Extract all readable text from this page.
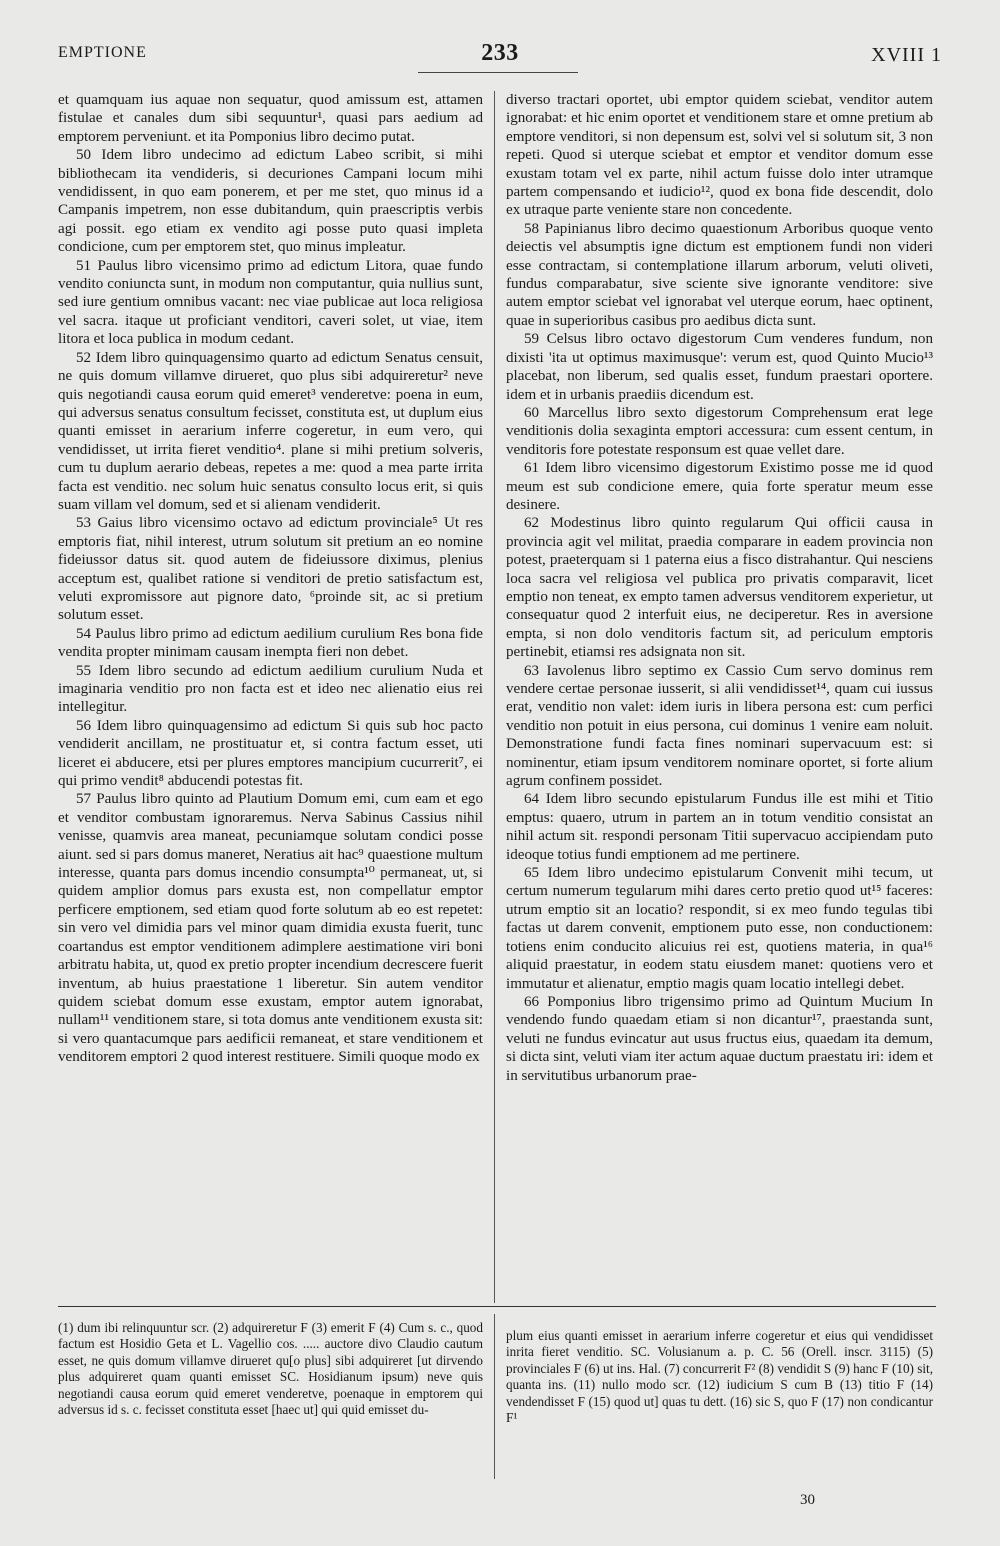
EMPTIONE	233	XVIII 1

et quamquam ius aquae non sequatur, quod amissum est, attamen fistulae et canales dum sibi sequuntur¹, quasi pars aedium ad emptorem perveniunt. et ita Pomponius libro decimo putat.

50 Idem libro undecimo ad edictum Labeo scribit, si mihi bibliothecam ita vendideris, si decuriones Campani locum mihi vendidissent, in quo eam ponerem, et per me stet, quo minus id a Campanis impetrem, non esse dubitandum, quin praescriptis verbis agi possit. ego etiam ex vendito agi posse puto quasi impleta condicione, cum per emptorem stet, quo minus impleatur.

51 Paulus libro vicensimo primo ad edictum Litora, quae fundo vendito coniuncta sunt, in modum non computantur, quia nullius sunt, sed iure gentium omnibus vacant: nec viae publicae aut loca religiosa vel sacra. itaque ut proficiant venditori, caveri solet, ut viae, item litora et loca publica in modum cedant.

52 Idem libro quinquagensimo quarto ad edictum Senatus censuit, ne quis domum villamve dirueret, quo plus sibi adquireretur² neve quis negotiandi causa eorum quid emeret³ venderetve: poena in eum, qui adversus senatus consultum fecisset, constituta est, ut duplum eius quanti emisset in aerarium inferre cogeretur, in eum vero, qui vendidisset, ut irrita fieret venditio⁴. plane si mihi pretium solveris, cum tu duplum aerario debeas, repetes a me: quod a mea parte irrita facta est venditio. nec solum huic senatus consulto locus erit, si quis suam villam vel domum, sed et si alienam vendiderit.

53 Gaius libro vicensimo octavo ad edictum provinciale⁵ Ut res emptoris fiat, nihil interest, utrum solutum sit pretium an eo nomine fideiussor datus sit. quod autem de fideiussore diximus, plenius acceptum est, qualibet ratione si venditori de pretio satisfactum est, veluti expromissore aut pignore dato, ⁶proinde sit, ac si pretium solutum esset.

54 Paulus libro primo ad edictum aedilium curulium Res bona fide vendita propter minimam causam inempta fieri non debet.

55 Idem libro secundo ad edictum aedilium curulium Nuda et imaginaria venditio pro non facta est et ideo nec alienatio eius rei intellegitur.

56 Idem libro quinquagensimo ad edictum Si quis sub hoc pacto vendiderit ancillam, ne prostituatur et, si contra factum esset, uti liceret ei abducere, etsi per plures emptores mancipium cucurrerit⁷, ei qui primo vendit⁸ abducendi potestas fit.

57 Paulus libro quinto ad Plautium Domum emi, cum eam et ego et venditor combustam ignoraremus. Nerva Sabinus Cassius nihil venisse, quamvis area maneat, pecuniamque solutam condici posse aiunt. sed si pars domus maneret, Neratius ait hac⁹ quaestione multum interesse, quanta pars domus incendio consumpta¹⁰ permaneat, ut, si quidem amplior domus pars exusta est, non compellatur emptor perficere emptionem, sed etiam quod forte solutum ab eo est repetet: sin vero vel dimidia pars vel minor quam dimidia exusta fuerit, tunc coartandus est emptor venditionem adimplere aestimatione viri boni arbitratu habita, ut, quod ex pretio propter incendium decrescere fuerit inventum, ab huius praestatione 1 liberetur. Sin autem venditor quidem sciebat domum esse exustam, emptor autem ignorabat, nullam¹¹ venditionem stare, si tota domus ante venditionem exusta sit: si vero quantacumque pars aedificii remaneat, et stare venditionem et venditorem emptori 2 quod interest restituere. Simili quoque modo ex

diverso tractari oportet, ubi emptor quidem sciebat, venditor autem ignorabat: et hic enim oportet et venditionem stare et omne pretium ab emptore venditori, si non depensum est, solvi vel si solutum sit, 3 non repeti. Quod si uterque sciebat et emptor et venditor domum esse exustam totam vel ex parte, nihil actum fuisse dolo inter utramque partem compensando et iudicio¹², quod ex bona fide descendit, dolo ex utraque parte veniente stare non concedente.

58 Papinianus libro decimo quaestionum Arboribus quoque vento deiectis vel absumptis igne dictum est emptionem fundi non videri esse contractam, si contemplatione illarum arborum, veluti oliveti, fundus comparabatur, sive sciente sive ignorante venditore: sive autem emptor sciebat vel ignorabat vel uterque eorum, haec optinent, quae in superioribus casibus pro aedibus dicta sunt.

59 Celsus libro octavo digestorum Cum venderes fundum, non dixisti 'ita ut optimus maximusque': verum est, quod Quinto Mucio¹³ placebat, non liberum, sed qualis esset, fundum praestari oportere. idem et in urbanis praediis dicendum est.

60 Marcellus libro sexto digestorum Comprehensum erat lege venditionis dolia sexaginta emptori accessura: cum essent centum, in venditoris fore potestate responsum est quae vellet dare.

61 Idem libro vicensimo digestorum Existimo posse me id quod meum est sub condicione emere, quia forte speratur meum esse desinere.

62 Modestinus libro quinto regularum Qui officii causa in provincia agit vel militat, praedia comparare in eadem provincia non potest, praeterquam si 1 paterna eius a fisco distrahantur. Qui nesciens loca sacra vel religiosa vel publica pro privatis comparavit, licet emptio non teneat, ex empto tamen adversus venditorem experietur, ut consequatur quod 2 interfuit eius, ne deciperetur. Res in aversione empta, si non dolo venditoris factum sit, ad periculum emptoris pertinebit, etiamsi res adsignata non sit.

63 Iavolenus libro septimo ex Cassio Cum servo dominus rem vendere certae personae iusserit, si alii vendidisset¹⁴, quam cui iussus erat, venditio non valet: idem iuris in libera persona est: cum perfici venditio non potuit in eius persona, cui dominus 1 venire eam noluit. Demonstratione fundi facta fines nominari supervacuum est: si nominentur, etiam ipsum venditorem nominare oportet, si forte alium agrum confinem possidet.

64 Idem libro secundo epistularum Fundus ille est mihi et Titio emptus: quaero, utrum in partem an in totum venditio consistat an nihil actum sit. respondi personam Titii supervacuo accipiendam puto ideoque totius fundi emptionem ad me pertinere.

65 Idem libro undecimo epistularum Convenit mihi tecum, ut certum numerum tegularum mihi dares certo pretio quod ut¹⁵ faceres: utrum emptio sit an locatio? respondit, si ex meo fundo tegulas tibi factas ut darem convenit, emptionem puto esse, non conductionem: totiens enim conducito alicuius rei est, quotiens materia, in qua¹⁶ aliquid praestatur, in eodem statu eiusdem manet: quotiens vero et immutatur et alienatur, emptio magis quam locatio intellegi debet.

66 Pomponius libro trigensimo primo ad Quintum Mucium In vendendo fundo quaedam etiam si non dicantur¹⁷, praestanda sunt, veluti ne fundus evincatur aut usus fructus eius, quaedam ita demum, si dicta sint, veluti viam iter actum aquae ductum praestatu iri: idem et in servitutibus urbanorum prae-

(1) dum ibi relinquuntur scr. (2) adquireretur F (3) emerit F (4) Cum s. c., quod factum est Hosidio Geta et L. Vagellio cos. ..... auctore divo Claudio cautum esset, ne quis domum villamve dirueret qu[o plus] sibi adquireret [ut dirvendo plus adquireret quam quanti emisset SC. Hosidianum ipsum) neve quis negotiandi causa eorum quid emeret venderetve, poenaque in emptorem qui adversus id s. c. fecisset constituta esset [haec ut] qui quid emisset du-

plum eius quanti emisset in aerarium inferre cogeretur et eius qui vendidisset inrita fieret venditio. SC. Volusianum a. p. C. 56 (Orell. inscr. 3115) (5) provinciales F (6) ut ins. Hal. (7) concurrerit F² (8) vendidit S (9) hanc F (10) sit, quanta ins. (11) nullo modo scr. (12) iudicium S cum B (13) titio F (14) vendendisset F (15) quod ut] quas tu dett. (16) sic S, quo F (17) non condicantur F¹

30
